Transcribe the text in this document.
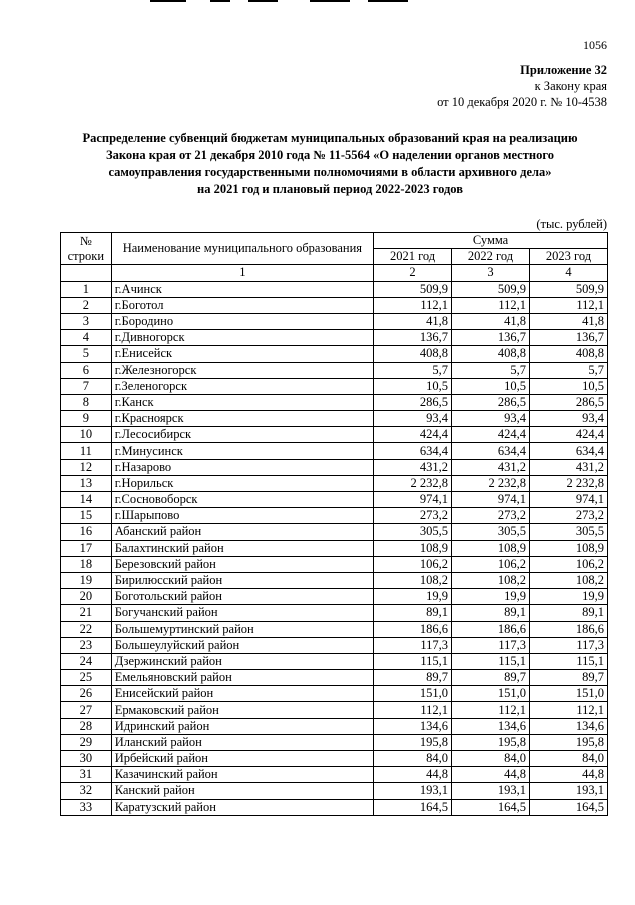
1056
Приложение 32
к Закону края
от 10 декабря 2020 г. № 10-4538
Распределение субвенций бюджетам муниципальных образований края на реализацию
Закона края от 21 декабря 2010 года № 11-5564 «О наделении органов местного
самоуправления государственными полномочиями в области архивного дела»
на 2021 год и плановый период 2022-2023 годов
(тыс. рублей)
№
строки	Наименование муниципального образования	Сумма		
		2021 год	2022 год	2023 год
	1	2	3	4
1	г.Ачинск	509,9	509,9	509,9
2	г.Боготол	112,1	112,1	112,1
3	г.Бородино	41,8	41,8	41,8
4	г.Дивногорск	136,7	136,7	136,7
5	г.Енисейск	408,8	408,8	408,8
6	г.Железногорск	5,7	5,7	5,7
7	г.Зеленогорск	10,5	10,5	10,5
8	г.Канск	286,5	286,5	286,5
9	г.Красноярск	93,4	93,4	93,4
10	г.Лесосибирск	424,4	424,4	424,4
11	г.Минусинск	634,4	634,4	634,4
12	г.Назарово	431,2	431,2	431,2
13	г.Норильск	2 232,8	2 232,8	2 232,8
14	г.Сосновоборск	974,1	974,1	974,1
15	г.Шарыпово	273,2	273,2	273,2
16	Абанский район	305,5	305,5	305,5
17	Балахтинский район	108,9	108,9	108,9
18	Березовский район	106,2	106,2	106,2
19	Бирилюсский район	108,2	108,2	108,2
20	Боготольский район	19,9	19,9	19,9
21	Богучанский район	89,1	89,1	89,1
22	Большемуртинский район	186,6	186,6	186,6
23	Большеулуйский район	117,3	117,3	117,3
24	Дзержинский район	115,1	115,1	115,1
25	Емельяновский район	89,7	89,7	89,7
26	Енисейский район	151,0	151,0	151,0
27	Ермаковский район	112,1	112,1	112,1
28	Идринский район	134,6	134,6	134,6
29	Иланский район	195,8	195,8	195,8
30	Ирбейский район	84,0	84,0	84,0
31	Казачинский район	44,8	44,8	44,8
32	Канский район	193,1	193,1	193,1
33	Каратузский район	164,5	164,5	164,5
